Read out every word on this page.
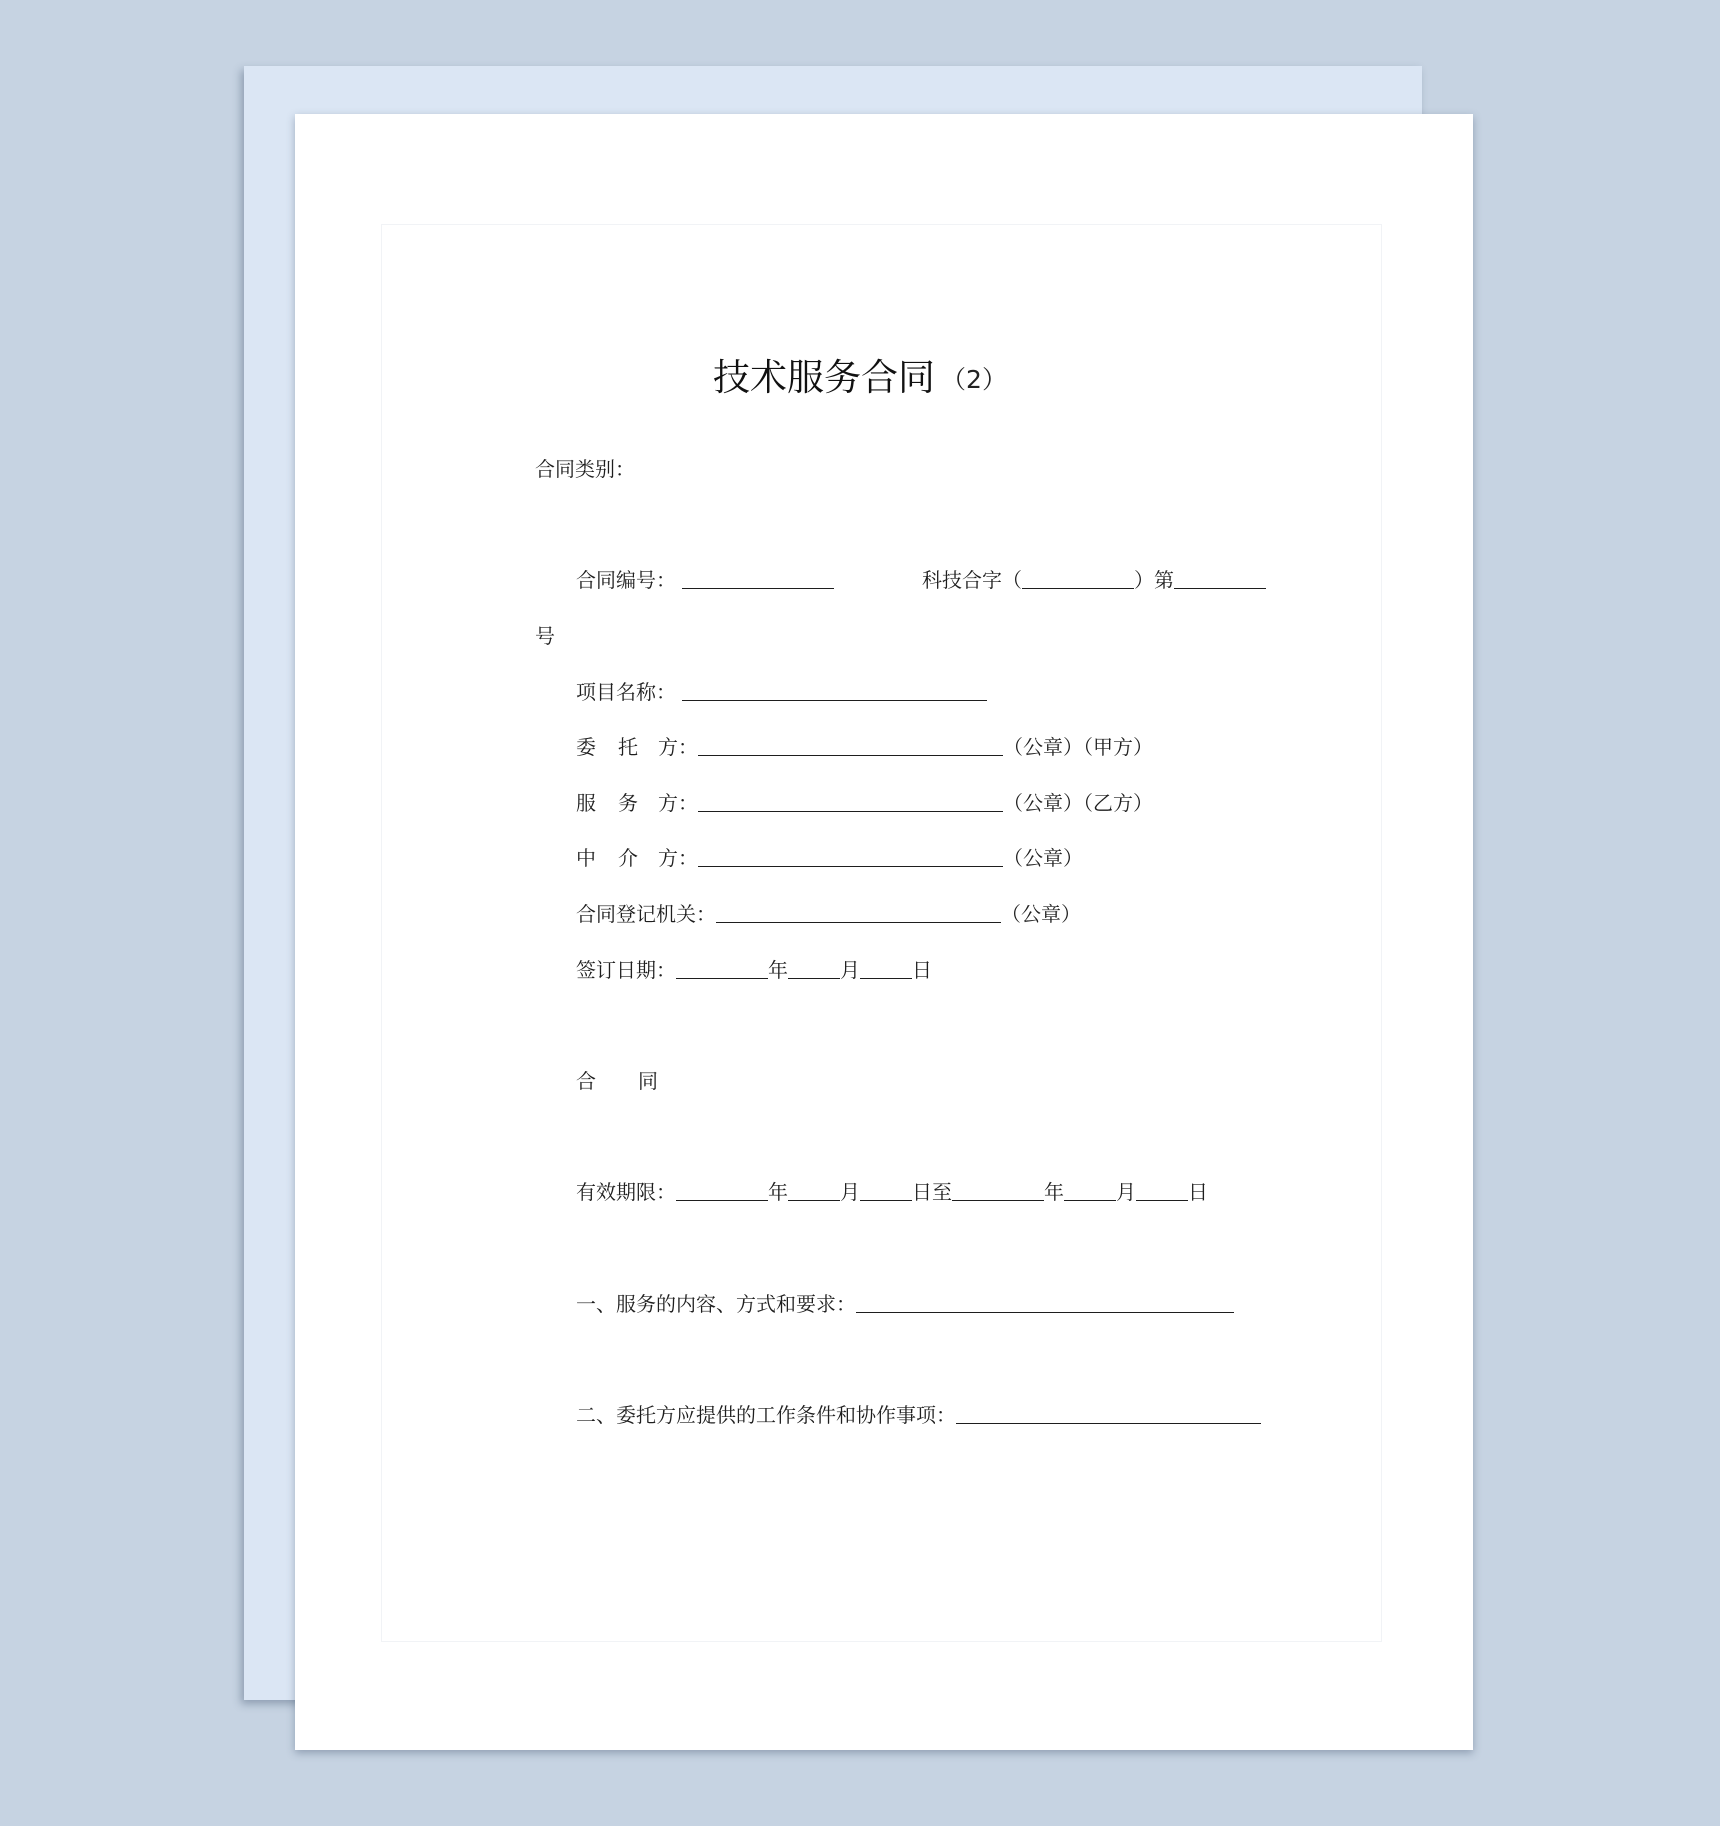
技术服务合同 （2）
合同类别：
合同编号：	科技合字（	）第
号
项目名称：
委 托 方：	（公章）（甲方）
服 务 方：	（公章）（乙方）
中 介 方：	（公章）
合同登记机关：	（公章）
签订日期：	年	月	日
合 同
有效期限：	年	月	日至	年	月	日
一、服务的内容、方式和要求：
二、委托方应提供的工作条件和协作事项：
